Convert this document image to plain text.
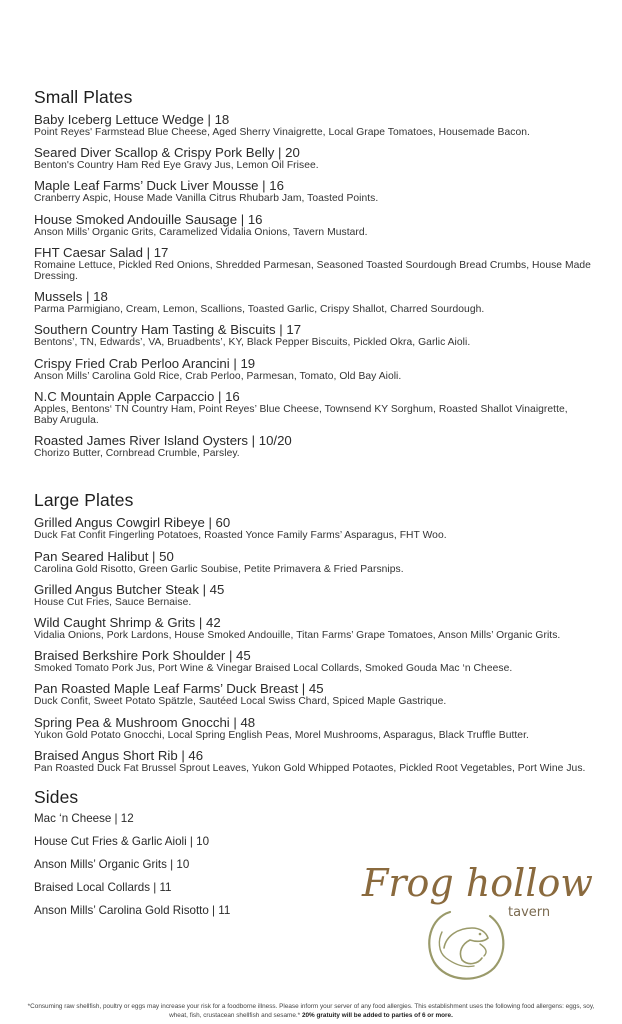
Small Plates
Baby Iceberg Lettuce Wedge | 18
Point Reyes' Farmstead Blue Cheese, Aged Sherry Vinaigrette, Local Grape Tomatoes, Housemade Bacon.
Seared Diver Scallop & Crispy Pork Belly | 20
Benton's Country Ham Red Eye Gravy Jus, Lemon Oil Frisee.
Maple Leaf Farms’ Duck Liver Mousse | 16
Cranberry Aspic, House Made Vanilla Citrus Rhubarb Jam, Toasted Points.
House Smoked Andouille Sausage | 16
Anson Mills’ Organic Grits, Caramelized Vidalia Onions, Tavern Mustard.
FHT Caesar Salad | 17
Romaine Lettuce, Pickled Red Onions, Shredded Parmesan, Seasoned Toasted Sourdough Bread Crumbs, House Made Dressing.
Mussels | 18
Parma Parmigiano, Cream, Lemon, Scallions, Toasted Garlic, Crispy Shallot, Charred Sourdough.
Southern Country Ham Tasting & Biscuits | 17
Bentons’, TN, Edwards’, VA, Bruadbents’, KY, Black Pepper Biscuits, Pickled Okra, Garlic Aioli.
Crispy Fried Crab Perloo Arancini | 19
Anson Mills’ Carolina Gold Rice, Crab Perloo, Parmesan, Tomato, Old Bay Aioli.
N.C Mountain Apple Carpaccio | 16
Apples, Bentons‘ TN Country Ham, Point Reyes’ Blue Cheese, Townsend KY Sorghum, Roasted Shallot Vinaigrette, Baby Arugula.
Roasted James River Island Oysters | 10/20
Chorizo Butter, Cornbread Crumble, Parsley.
Large Plates
Grilled Angus Cowgirl Ribeye | 60
Duck Fat Confit Fingerling Potatoes, Roasted Yonce Family Farms’ Asparagus, FHT Woo.
Pan Seared Halibut | 50
Carolina Gold Risotto, Green Garlic Soubise, Petite Primavera & Fried Parsnips.
Grilled Angus Butcher Steak | 45
House Cut Fries, Sauce Bernaise.
Wild Caught Shrimp & Grits | 42
Vidalia Onions, Pork Lardons, House Smoked Andouille, Titan Farms’ Grape Tomatoes, Anson Mills’ Organic Grits.
Braised Berkshire Pork Shoulder | 45
Smoked Tomato Pork Jus, Port Wine & Vinegar Braised Local Collards, Smoked Gouda Mac ‘n Cheese.
Pan Roasted Maple Leaf Farms’ Duck Breast | 45
Duck Confit, Sweet Potato Spätzle, Sautéed Local Swiss Chard, Spiced Maple Gastrique.
Spring Pea & Mushroom Gnocchi | 48
Yukon Gold Potato Gnocchi, Local Spring English Peas, Morel Mushrooms, Asparagus, Black Truffle Butter.
Braised Angus Short Rib | 46
Pan Roasted Duck Fat Brussel Sprout Leaves, Yukon Gold Whipped Potaotes, Pickled Root Vegetables, Port Wine Jus.
Sides
Mac ‘n Cheese | 12
House Cut Fries & Garlic Aioli | 10
Anson Mills’ Organic Grits | 10
Braised Local Collards | 11
Anson Mills’ Carolina Gold Risotto | 11
Frog hollow
tavern
*Consuming raw shellfish, poultry or eggs may increase your risk for a foodborne illness. Please inform your server of any food allergies. This establishment uses the following food allergens: eggs, soy, wheat, fish, crustacean shellfish and sesame.* 20% gratuity will be added to parties of 6 or more.
